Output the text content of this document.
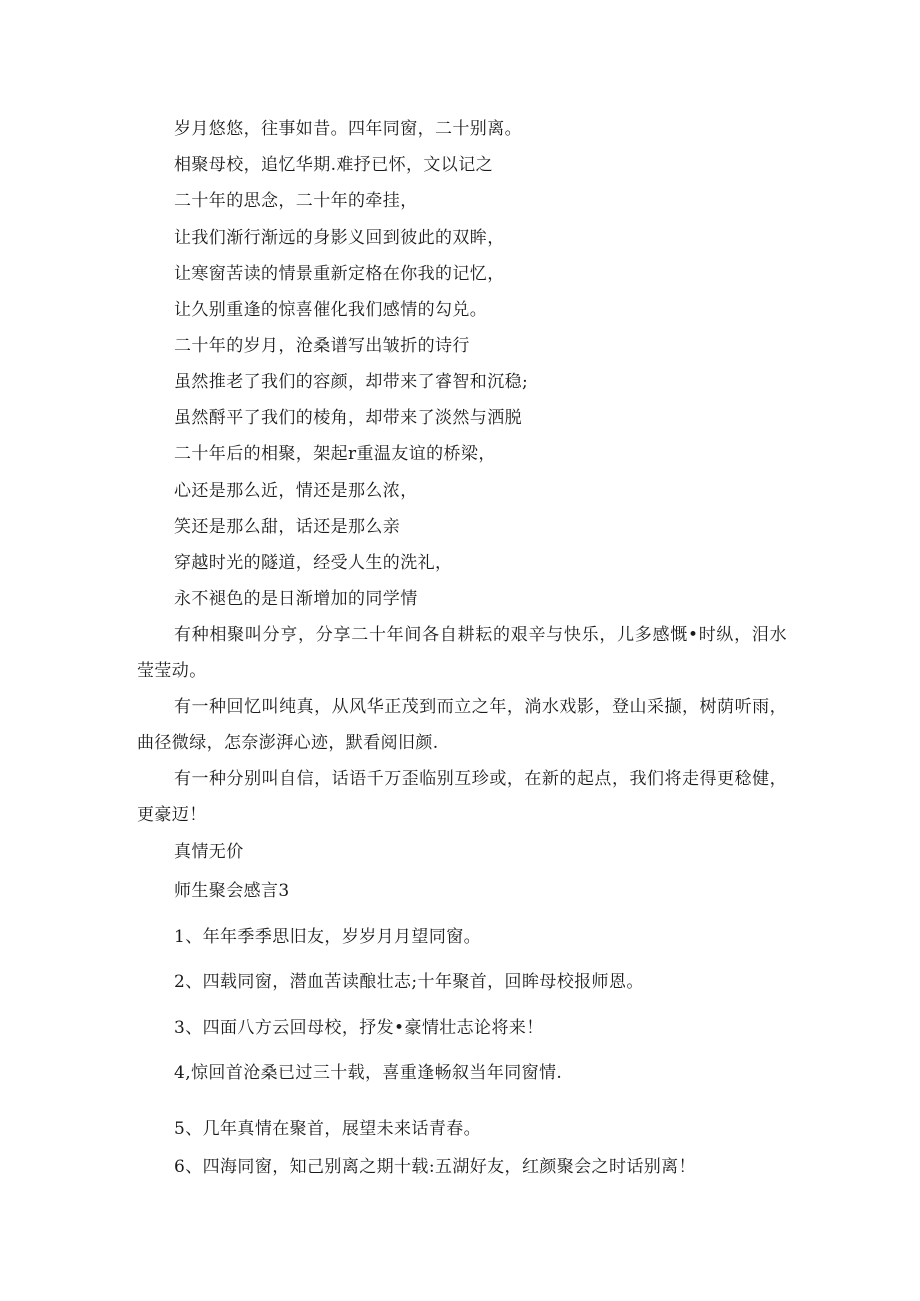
岁月悠悠，往事如昔。四年同窗，二十别离。
相聚母校，追忆华期.难抒已怀，文以记之
二十年的思念，二十年的牵挂，
让我们渐行渐远的身影义回到彼此的双眸，
让寒窗苦读的情景重新定格在你我的记忆，
让久别重逢的惊喜催化我们感情的勾兑。
二十年的岁月，沧桑谱写出皱折的诗行
虽然推老了我们的容颜，却带来了睿智和沉稳;
虽然酹平了我们的棱角，却带来了淡然与洒脱
二十年后的相聚，架起r重温友谊的桥梁，
心还是那么近，情还是那么浓，
笑还是那么甜，话还是那么亲
穿越时光的隧道，经受人生的洗礼，
永不褪色的是日渐增加的同学情
有种相聚叫分亨，分享二十年间各自耕耘的艰辛与快乐，儿多感慨•时纵，泪水莹莹动。
有一种回忆叫纯真，从风华正茂到而立之年，淌水戏影，登山采撷，树荫听雨，曲径微绿，怎奈澎湃心迹，默看阅旧颜.
有一种分别叫自信，话语千万歪临别互珍或，在新的起点，我们将走得更稔健，更豪迈！
真情无价
师生聚会感言3
1、年年季季思旧友，岁岁月月望同窗。
2、四载同窗，潜血苦读酿壮志;十年聚首，回眸母校报师恩。
3、四面八方云回母校，抒发•豪情壮志论将来！
4,惊回首沧桑已过三十载，喜重逢畅叙当年同窗情.
5、几年真情在聚首，展望未来话青春。
6、四海同窗，知己别离之期十载:五湖好友，红颜聚会之时话别离！
